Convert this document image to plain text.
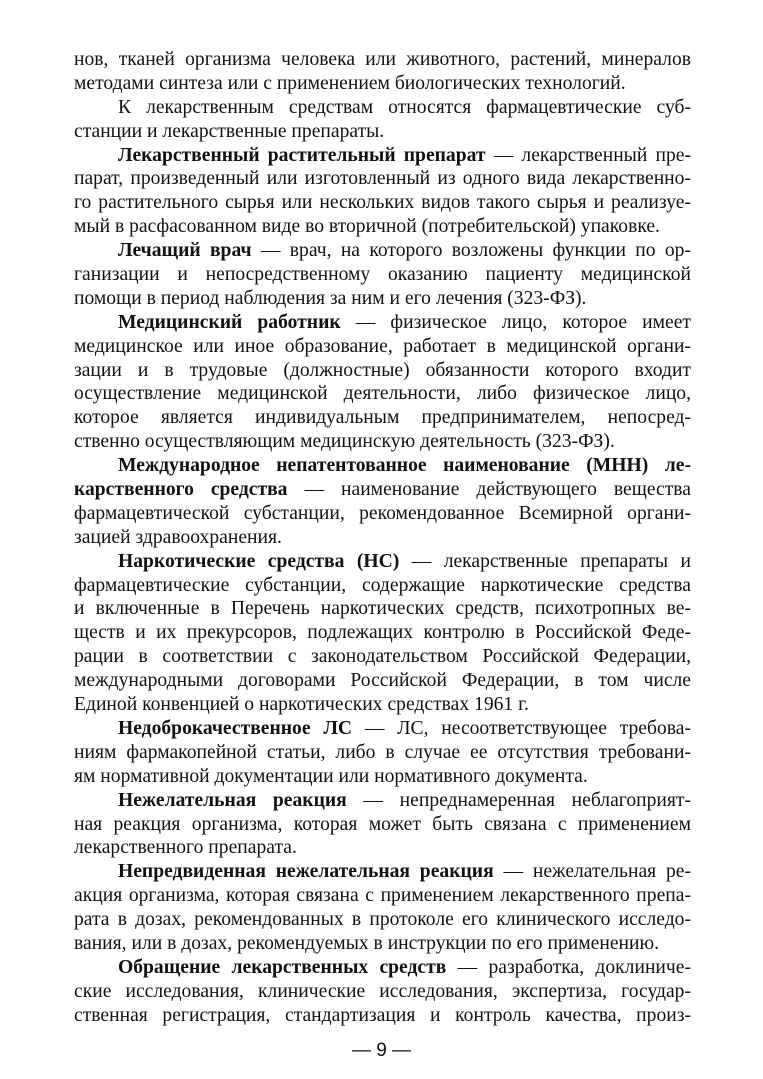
нов, тканей организма человека или животного, растений, минералов
методами синтеза или с применением биологических технологий.
К лекарственным средствам относятся фармацевтические суб-
станции и лекарственные препараты.
Лекарственный растительный препарат — лекарственный пре-
парат, произведенный или изготовленный из одного вида лекарственно-
го растительного сырья или нескольких видов такого сырья и реализуе-
мый в расфасованном виде во вторичной (потребительской) упаковке.
Лечащий врач — врач, на которого возложены функции по ор-
ганизации и непосредственному оказанию пациенту медицинской
помощи в период наблюдения за ним и его лечения (323-ФЗ).
Медицинский работник — физическое лицо, которое имеет
медицинское или иное образование, работает в медицинской органи-
зации и в трудовые (должностные) обязанности которого входит
осуществление медицинской деятельности, либо физическое лицо,
которое является индивидуальным предпринимателем, непосред-
ственно осуществляющим медицинскую деятельность (323-ФЗ).
Международное непатентованное наименование (МНН) ле-
карственного средства — наименование действующего вещества
фармацевтической субстанции, рекомендованное Всемирной органи-
зацией здравоохранения.
Наркотические средства (НС) — лекарственные препараты и
фармацевтические субстанции, содержащие наркотические средства
и включенные в Перечень наркотических средств, психотропных ве-
ществ и их прекурсоров, подлежащих контролю в Российской Феде-
рации в соответствии с законодательством Российской Федерации,
международными договорами Российской Федерации, в том числе
Единой конвенцией о наркотических средствах 1961 г.
Недоброкачественное ЛС — ЛС, несоответствующее требова-
ниям фармакопейной статьи, либо в случае ее отсутствия требовани-
ям нормативной документации или нормативного документа.
Нежелательная реакция — непреднамеренная неблагоприят-
ная реакция организма, которая может быть связана с применением
лекарственного препарата.
Непредвиденная нежелательная реакция — нежелательная ре-
акция организма, которая связана с применением лекарственного препа-
рата в дозах, рекомендованных в протоколе его клинического исследо-
вания, или в дозах, рекомендуемых в инструкции по его применению.
Обращение лекарственных средств — разработка, доклиниче-
ские исследования, клинические исследования, экспертиза, государ-
ственная регистрация, стандартизация и контроль качества, произ-
— 9 —
